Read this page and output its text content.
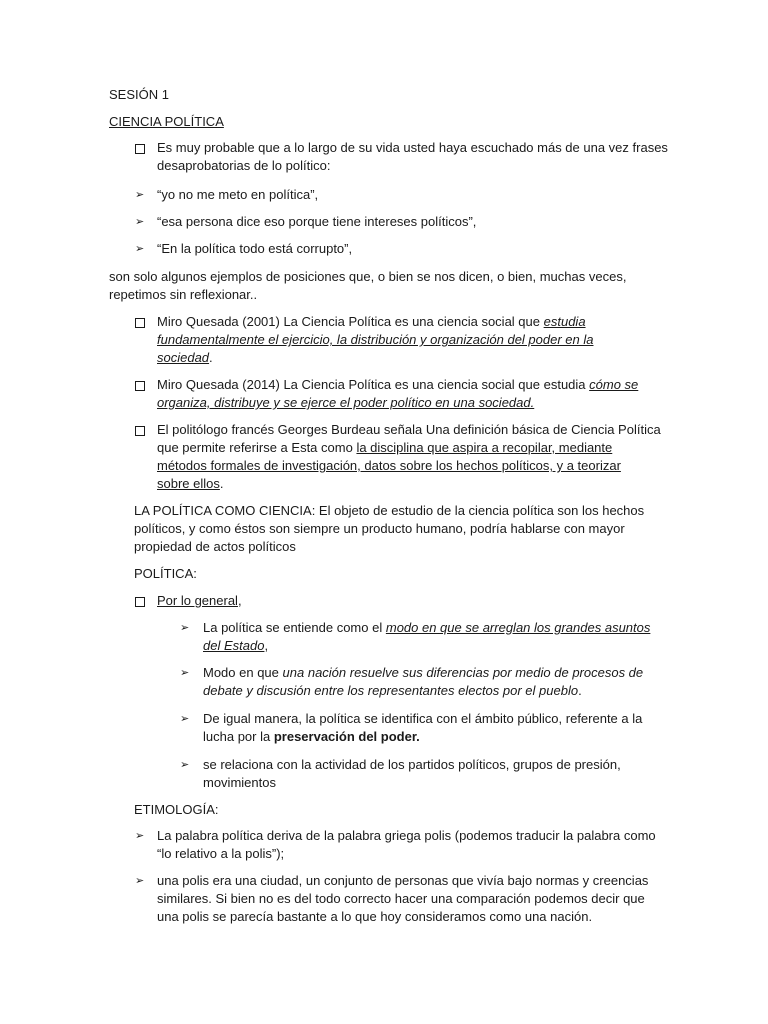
SESIÓN 1
CIENCIA POLÍTICA
Es muy probable que a lo largo de su vida usted haya escuchado más de una vez frases
desaprobatorias de lo político:
➢ “yo no me meto en política”,
➢ “esa persona dice eso porque tiene intereses políticos”,
➢ “En la política todo está corrupto”,
son solo algunos ejemplos de posiciones que, o bien se nos dicen, o bien, muchas veces,
repetimos sin reflexionar..
Miro Quesada (2001) La Ciencia Política es una ciencia social que estudia
fundamentalmente el ejercicio, la distribución y organización del poder en la
sociedad.
Miro Quesada (2014) La Ciencia Política es una ciencia social que estudia cómo se
organiza, distribuye y se ejerce el poder político en una sociedad.
El politólogo francés Georges Burdeau señala Una definición básica de Ciencia Política
que permite referirse a Esta como la disciplina que aspira a recopilar, mediante
métodos formales de investigación, datos sobre los hechos políticos, y a teorizar
sobre ellos.
LA POLÍTICA COMO CIENCIA: El objeto de estudio de la ciencia política son los hechos
políticos, y como éstos son siempre un producto humano, podría hablarse con mayor
propiedad de actos políticos
POLÍTICA:
Por lo general,
➢ La política se entiende como el modo en que se arreglan los grandes asuntos
del Estado,
➢ Modo en que una nación resuelve sus diferencias por medio de procesos de
debate y discusión entre los representantes electos por el pueblo.
➢ De igual manera, la política se identifica con el ámbito público, referente a la
lucha por la preservación del poder.
➢ se relaciona con la actividad de los partidos políticos, grupos de presión,
movimientos
ETIMOLOGÍA:
➢ La palabra política deriva de la palabra griega polis (podemos traducir la palabra como
“lo relativo a la polis”);
➢ una polis era una ciudad, un conjunto de personas que vivía bajo normas y creencias
similares. Si bien no es del todo correcto hacer una comparación podemos decir que
una polis se parecía bastante a lo que hoy consideramos como una nación.
